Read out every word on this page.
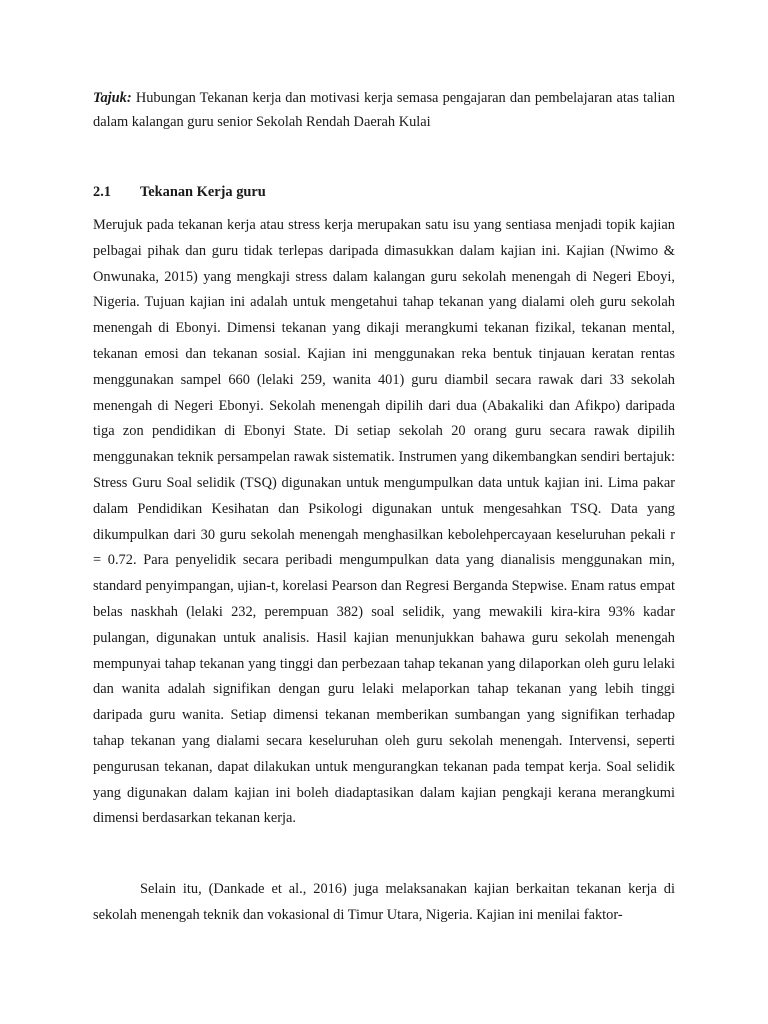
Tajuk: Hubungan Tekanan kerja dan motivasi kerja semasa pengajaran dan pembelajaran atas talian dalam kalangan guru senior Sekolah Rendah Daerah Kulai
2.1 Tekanan Kerja guru

Merujuk pada tekanan kerja atau stress kerja merupakan satu isu yang sentiasa menjadi topik kajian pelbagai pihak dan guru tidak terlepas daripada dimasukkan dalam kajian ini. Kajian (Nwimo & Onwunaka, 2015) yang mengkaji stress dalam kalangan guru sekolah menengah di Negeri Eboyi, Nigeria. Tujuan kajian ini adalah untuk mengetahui tahap tekanan yang dialami oleh guru sekolah menengah di Ebonyi. Dimensi tekanan yang dikaji merangkumi tekanan fizikal, tekanan mental, tekanan emosi dan tekanan sosial. Kajian ini menggunakan reka bentuk tinjauan keratan rentas menggunakan sampel 660 (lelaki 259, wanita 401) guru diambil secara rawak dari 33 sekolah menengah di Negeri Ebonyi. Sekolah menengah dipilih dari dua (Abakaliki dan Afikpo) daripada tiga zon pendidikan di Ebonyi State. Di setiap sekolah 20 orang guru secara rawak dipilih menggunakan teknik persampelan rawak sistematik. Instrumen yang dikembangkan sendiri bertajuk: Stress Guru Soal selidik (TSQ) digunakan untuk mengumpulkan data untuk kajian ini. Lima pakar dalam Pendidikan Kesihatan dan Psikologi digunakan untuk mengesahkan TSQ. Data yang dikumpulkan dari 30 guru sekolah menengah menghasilkan kebolehpercayaan keseluruhan pekali r = 0.72. Para penyelidik secara peribadi mengumpulkan data yang dianalisis menggunakan min, standard penyimpangan, ujian-t, korelasi Pearson dan Regresi Berganda Stepwise. Enam ratus empat belas naskhah (lelaki 232, perempuan 382) soal selidik, yang mewakili kira-kira 93% kadar pulangan, digunakan untuk analisis. Hasil kajian menunjukkan bahawa guru sekolah menengah mempunyai tahap tekanan yang tinggi dan perbezaan tahap tekanan yang dilaporkan oleh guru lelaki dan wanita adalah signifikan dengan guru lelaki melaporkan tahap tekanan yang lebih tinggi daripada guru wanita. Setiap dimensi tekanan memberikan sumbangan yang signifikan terhadap tahap tekanan yang dialami secara keseluruhan oleh guru sekolah menengah. Intervensi, seperti pengurusan tekanan, dapat dilakukan untuk mengurangkan tekanan pada tempat kerja. Soal selidik yang digunakan dalam kajian ini boleh diadaptasikan dalam kajian pengkaji kerana merangkumi dimensi berdasarkan tekanan kerja.

Selain itu, (Dankade et al., 2016) juga melaksanakan kajian berkaitan tekanan kerja di sekolah menengah teknik dan vokasional di Timur Utara, Nigeria. Kajian ini menilai faktor-
